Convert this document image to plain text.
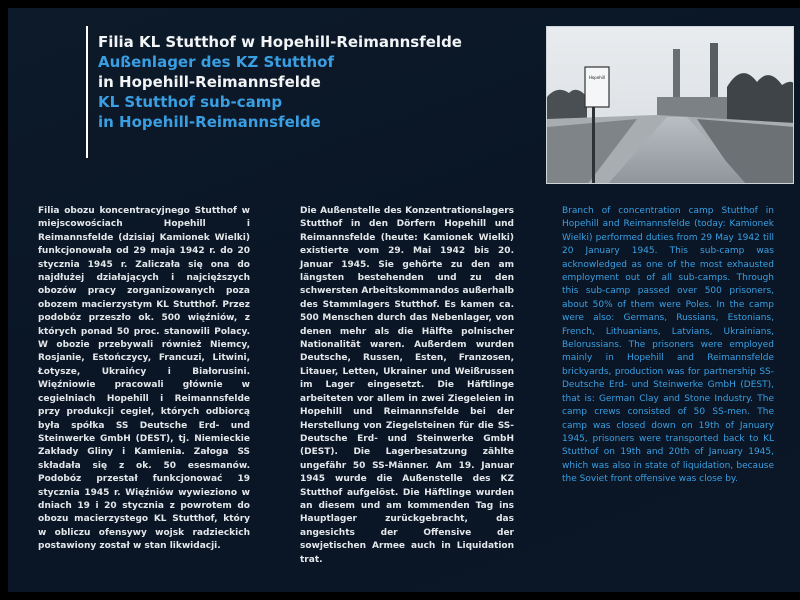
Filia KL Stutthof w Hopehill-Reimannsfelde
Außenlager des KZ Stutthof
in Hopehill-Reimannsfelde
KL Stutthof sub-camp
in Hopehill-Reimannsfelde
Hopehill

Filia obozu koncentracyjnego Stutthof w miejscowościach Hopehill i Reimannsfelde (dzisiaj Kamionek Wielki) funkcjonowała od 29 maja 1942 r. do 20 stycznia 1945 r. Zaliczała się ona do najdłużej działających i najcięższych obozów pracy zorganizowanych poza obozem macierzystym KL Stutthof. Przez podobóz przeszło ok. 500 więźniów, z których ponad 50 proc. stanowili Polacy. W obozie przebywali również Niemcy, Rosjanie, Estończycy, Francuzi, Litwini, Łotysze, Ukraińcy i Białorusini. Więźniowie pracowali głównie w cegielniach Hopehill i Reimannsfelde przy produkcji cegieł, których odbiorcą była spółka SS Deutsche Erd- und Steinwerke GmbH (DEST), tj. Niemieckie Zakłady Gliny i Kamienia. Załoga SS składała się z ok. 50 esesmanów. Podobóz przestał funkcjonować 19 stycznia 1945 r. Więźniów wywieziono w dniach 19 i 20 stycznia z powrotem do obozu macierzystego KL Stutthof, który w obliczu ofensywy wojsk radzieckich postawiony został w stan likwidacji.

Die Außenstelle des Konzentrationslagers Stutthof in den Dörfern Hopehill und Reimannsfelde (heute: Kamionek Wielki) existierte vom 29. Mai 1942 bis 20. Januar 1945. Sie gehörte zu den am längsten bestehenden und zu den schwersten Arbeitskommandos außerhalb des Stammlagers Stutthof. Es kamen ca. 500 Menschen durch das Nebenlager, von denen mehr als die Hälfte polnischer Nationalität waren. Außerdem wurden Deutsche, Russen, Esten, Franzosen, Litauer, Letten, Ukrainer und Weißrussen im Lager eingesetzt. Die Häftlinge arbeiteten vor allem in zwei Ziegeleien in Hopehill und Reimannsfelde bei der Herstellung von Ziegelsteinen für die SS-Deutsche Erd- und Steinwerke GmbH (DEST). Die Lagerbesatzung zählte ungefähr 50 SS-Männer. Am 19. Januar 1945 wurde die Außenstelle des KZ Stutthof aufgelöst. Die Häftlinge wurden an diesem und am kommenden Tag ins Hauptlager zurückgebracht, das angesichts der Offensive der sowjetischen Armee auch in Liquidation trat.

Branch of concentration camp Stutthof in Hopehill and Reimannsfelde (today: Kamionek Wielki) performed duties from 29 May 1942 till 20 January 1945. This sub-camp was acknowledged as one of the most exhausted employment out of all sub-camps. Through this sub-camp passed over 500 prisoners, about 50% of them were Poles. In the camp were also: Germans, Russians, Estonians, French, Lithuanians, Latvians, Ukrainians, Belorussians. The prisoners were employed mainly in Hopehill and Reimannsfelde brickyards, production was for partnership SS-Deutsche Erd- und Steinwerke GmbH (DEST), that is: German Clay and Stone Industry. The camp crews consisted of 50 SS-men. The camp was closed down on 19th of January 1945, prisoners were transported back to KL Stutthof on 19th and 20th of January 1945, which was also in state of liquidation, because the Soviet front offensive was close by.
